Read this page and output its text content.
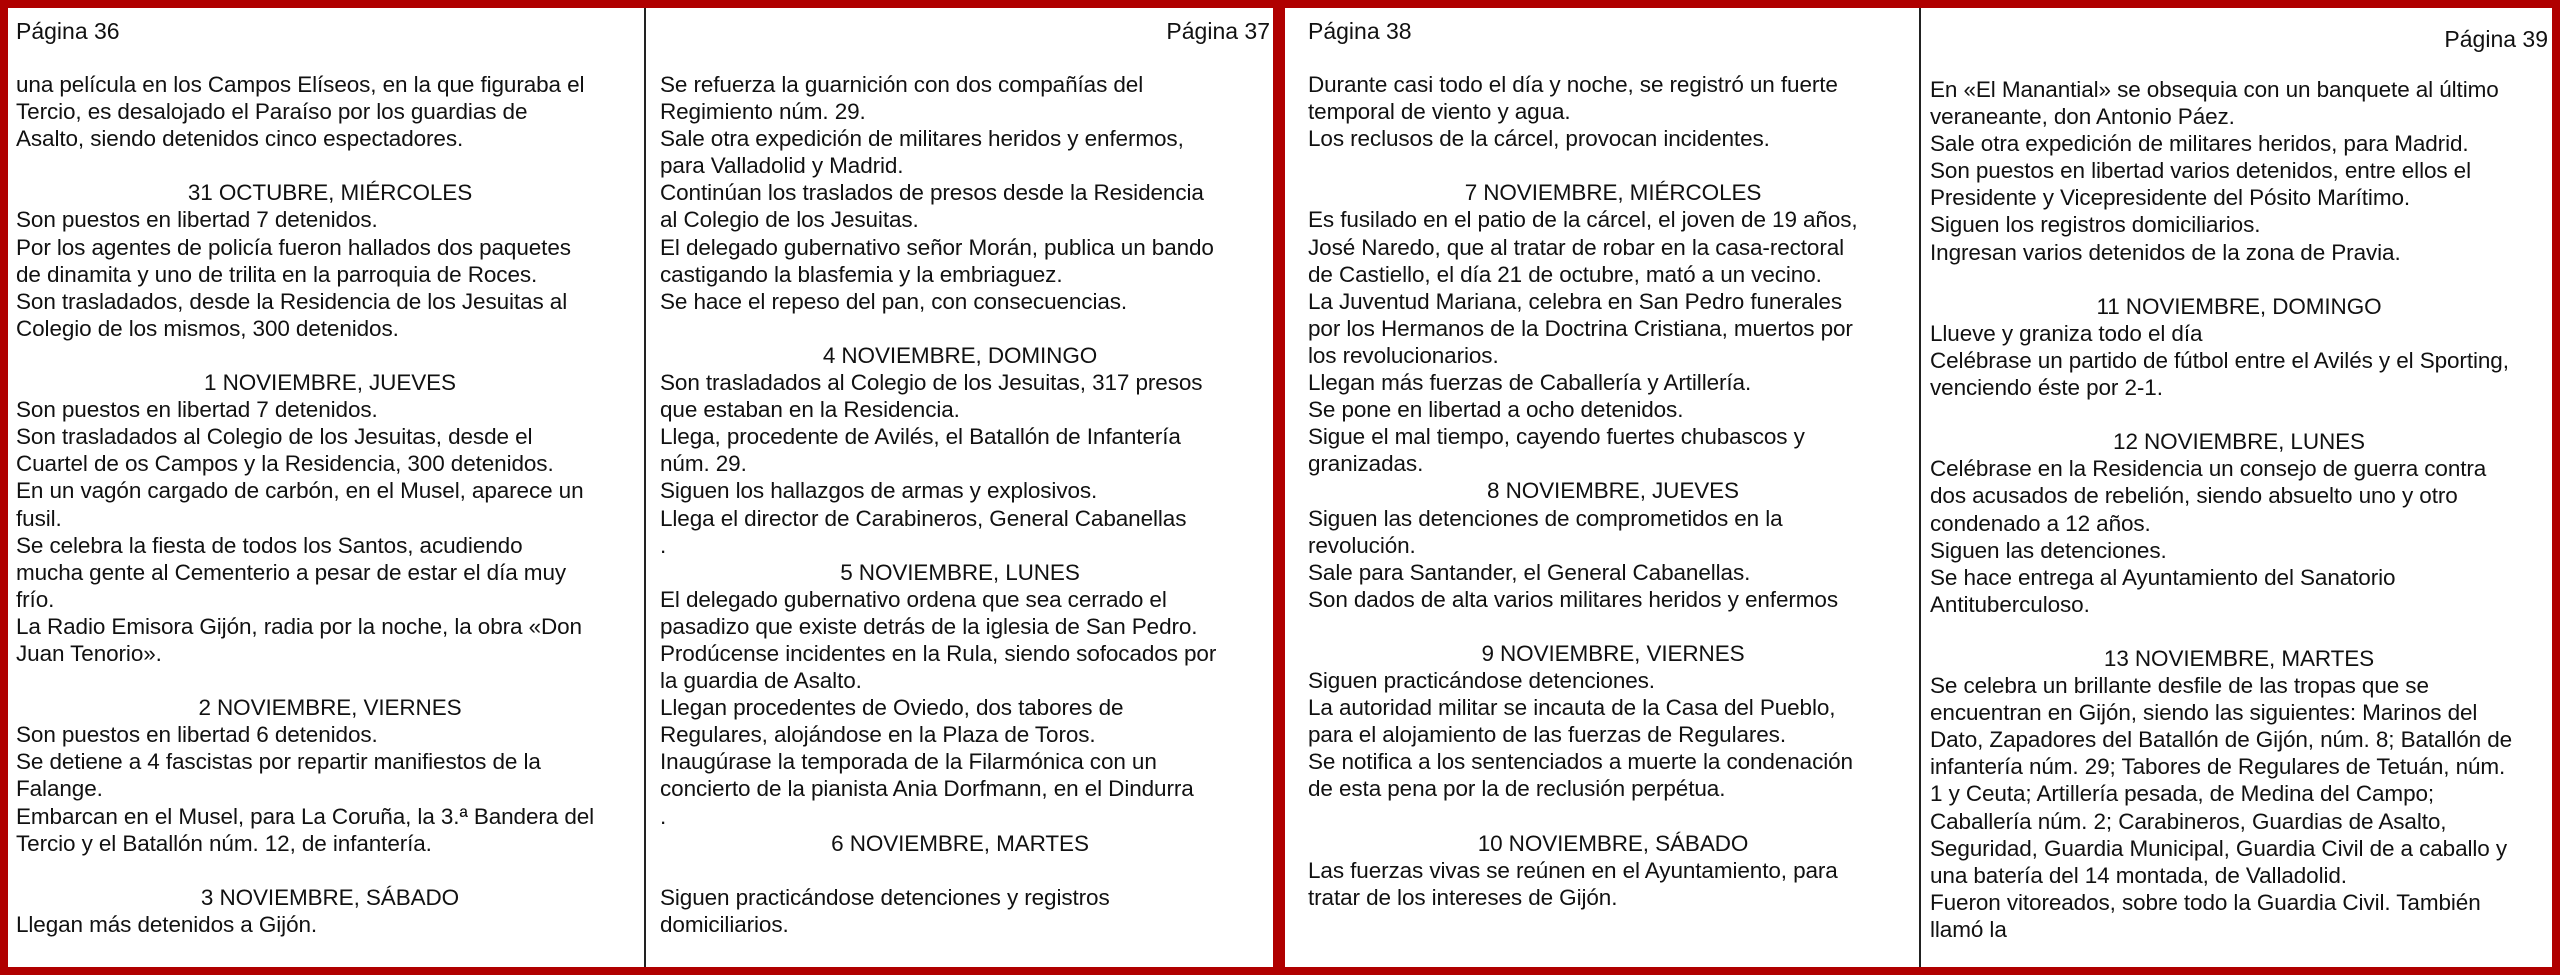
Página 36
una película en los Campos Elíseos, en la que figuraba el
Tercio, es desalojado el Paraíso por los guardias de
Asalto, siendo detenidos cinco espectadores.
31 OCTUBRE, MIÉRCOLES
Son puestos en libertad 7 detenidos.
Por los agentes de policía fueron hallados dos paquetes
de dinamita y uno de trilita en la parroquia de Roces.
Son trasladados, desde la Residencia de los Jesuitas al
Colegio de los mismos, 300 detenidos.
1 NOVIEMBRE, JUEVES
Son puestos en libertad 7 detenidos.
Son trasladados al Colegio de los Jesuitas, desde el
Cuartel de os Campos y la Residencia, 300 detenidos.
En un vagón cargado de carbón, en el Musel, aparece un
fusil.
Se celebra la fiesta de todos los Santos, acudiendo
mucha gente al Cementerio a pesar de estar el día muy
frío.
La Radio Emisora Gijón, radia por la noche, la obra «Don
Juan Tenorio».
2 NOVIEMBRE, VIERNES
Son puestos en libertad 6 detenidos.
Se detiene a 4 fascistas por repartir manifiestos de la
Falange.
Embarcan en el Musel, para La Coruña, la 3.ª Bandera del
Tercio y el Batallón núm. 12, de infantería.
3 NOVIEMBRE, SÁBADO
Llegan más detenidos a Gijón.
Página 37
Se refuerza la guarnición con dos compañías del
Regimiento núm. 29.
Sale otra expedición de militares heridos y enfermos,
para Valladolid y Madrid.
Continúan los traslados de presos desde la Residencia
al Colegio de los Jesuitas.
El delegado gubernativo señor Morán, publica un bando
castigando la blasfemia y la embriaguez.
Se hace el repeso del pan, con consecuencias.
4 NOVIEMBRE, DOMINGO
Son trasladados al Colegio de los Jesuitas, 317 presos
que estaban en la Residencia.
Llega, procedente de Avilés, el Batallón de Infantería
núm. 29.
Siguen los hallazgos de armas y explosivos.
Llega el director de Carabineros, General Cabanellas
.
5 NOVIEMBRE, LUNES
El delegado gubernativo ordena que sea cerrado el
pasadizo que existe detrás de la iglesia de San Pedro.
Prodúcense incidentes en la Rula, siendo sofocados por
la guardia de Asalto.
Llegan procedentes de Oviedo, dos tabores de
Regulares, alojándose en la Plaza de Toros.
Inaugúrase la temporada de la Filarmónica con un
concierto de la pianista Ania Dorfmann, en el Dindurra
.
6 NOVIEMBRE, MARTES
Siguen practicándose detenciones y registros
domiciliarios.
Página 38
Durante casi todo el día y noche, se registró un fuerte
temporal de viento y agua.
Los reclusos de la cárcel, provocan incidentes.
7 NOVIEMBRE, MIÉRCOLES
Es fusilado en el patio de la cárcel, el joven de 19 años,
José Naredo, que al tratar de robar en la casa-rectoral
de Castiello, el día 21 de octubre, mató a un vecino.
La Juventud Mariana, celebra en San Pedro funerales
por los Hermanos de la Doctrina Cristiana, muertos por
los revolucionarios.
Llegan más fuerzas de Caballería y Artillería.
Se pone en libertad a ocho detenidos.
Sigue el mal tiempo, cayendo fuertes chubascos y
granizadas.
8 NOVIEMBRE, JUEVES
Siguen las detenciones de comprometidos en la
revolución.
Sale para Santander, el General Cabanellas.
Son dados de alta varios militares heridos y enfermos
9 NOVIEMBRE, VIERNES
Siguen practicándose detenciones.
La autoridad militar se incauta de la Casa del Pueblo,
para el alojamiento de las fuerzas de Regulares.
Se notifica a los sentenciados a muerte la condenación
de esta pena por la de reclusión perpétua.
10 NOVIEMBRE, SÁBADO
Las fuerzas vivas se reúnen en el Ayuntamiento, para
tratar de los intereses de Gijón.
Página 39
En «El Manantial» se obsequia con un banquete al último
veraneante, don Antonio Páez.
Sale otra expedición de militares heridos, para Madrid.
Son puestos en libertad varios detenidos, entre ellos el
Presidente y Vicepresidente del Pósito Marítimo.
Siguen los registros domiciliarios.
Ingresan varios detenidos de la zona de Pravia.
11 NOVIEMBRE, DOMINGO
Llueve y graniza todo el día
Celébrase un partido de fútbol entre el Avilés y el Sporting,
venciendo éste por 2-1.
12 NOVIEMBRE, LUNES
Celébrase en la Residencia un consejo de guerra contra
dos acusados de rebelión, siendo absuelto uno y otro
condenado a 12 años.
Siguen las detenciones.
Se hace entrega al Ayuntamiento del Sanatorio
Antituberculoso.
13 NOVIEMBRE, MARTES
Se celebra un brillante desfile de las tropas que se
encuentran en Gijón, siendo las siguientes: Marinos del
Dato, Zapadores del Batallón de Gijón, núm. 8; Batallón de
infantería núm. 29; Tabores de Regulares de Tetuán, núm.
1 y Ceuta; Artillería pesada, de Medina del Campo;
Caballería núm. 2; Carabineros, Guardias de Asalto,
Seguridad, Guardia Municipal, Guardia Civil de a caballo y
una batería del 14 montada, de Valladolid.
Fueron vitoreados, sobre todo la Guardia Civil. También
llamó la
